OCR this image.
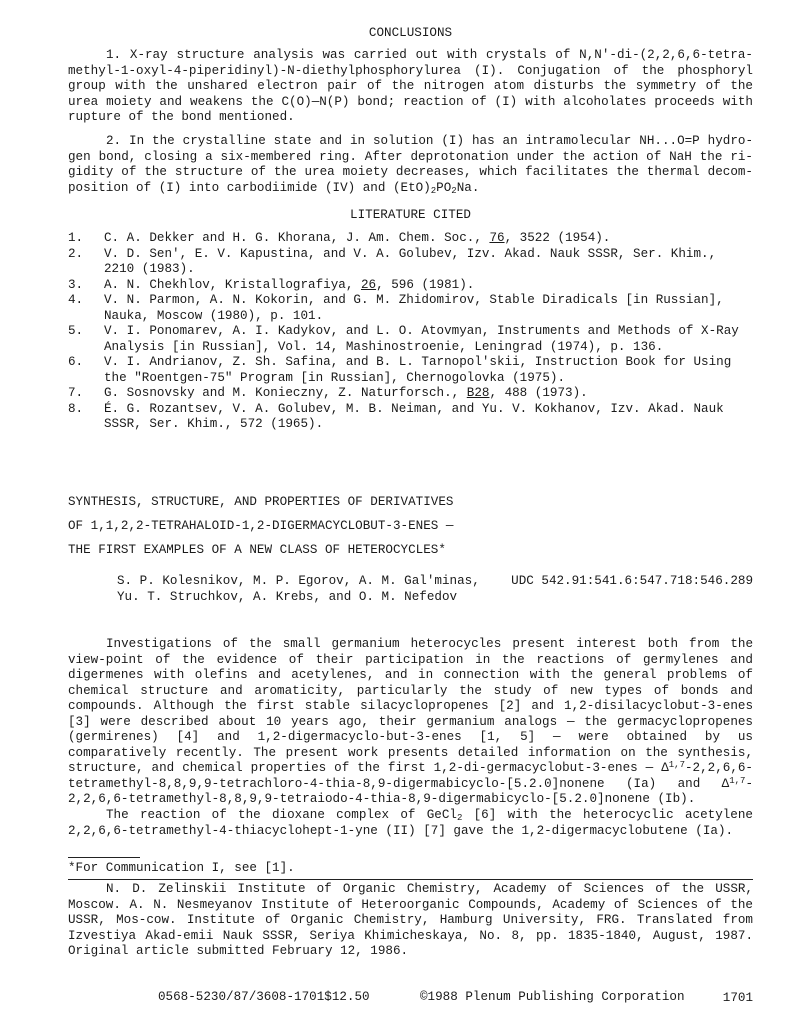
CONCLUSIONS

1. X-ray structure analysis was carried out with crystals of N,N'-di-(2,2,6,6-tetra-methyl-1-oxyl-4-piperidinyl)-N-diethylphosphorylurea (I). Conjugation of the phosphoryl group with the unshared electron pair of the nitrogen atom disturbs the symmetry of the urea moiety and weakens the C(O)—N(P) bond; reaction of (I) with alcoholates proceeds with rupture of the bond mentioned.

2. In the crystalline state and in solution (I) has an intramolecular NH...O=P hydro-gen bond, closing a six-membered ring. After deprotonation under the action of NaH the ri-gidity of the structure of the urea moiety decreases, which facilitates the thermal decom-position of (I) into carbodiimide (IV) and $(EtO)_2PO_2Na$.

LITERATURE CITED
1. C. A. Dekker and H. G. Khorana, J. Am. Chem. Soc., 76, 3522 (1954).
2. V. D. Sen', E. V. Kapustina, and V. A. Golubev, Izv. Akad. Nauk SSSR, Ser. Khim., 2210 (1983).
3. A. N. Chekhlov, Kristallografiya, 26, 596 (1981).
4. V. N. Parmon, A. N. Kokorin, and G. M. Zhidomirov, Stable Diradicals [in Russian], Nauka, Moscow (1980), p. 101.
5. V. I. Ponomarev, A. I. Kadykov, and L. O. Atovmyan, Instruments and Methods of X-Ray Analysis [in Russian], Vol. 14, Mashinostroenie, Leningrad (1974), p. 136.
6. V. I. Andrianov, Z. Sh. Safina, and B. L. Tarnopol'skii, Instruction Book for Using the "Roentgen-75" Program [in Russian], Chernogolovka (1975).
7. G. Sosnovsky and M. Konieczny, Z. Naturforsch., B28, 488 (1973).
8. É. G. Rozantsev, V. A. Golubev, M. B. Neiman, and Yu. V. Kokhanov, Izv. Akad. Nauk SSSR, Ser. Khim., 572 (1965).

SYNTHESIS, STRUCTURE, AND PROPERTIES OF DERIVATIVES

OF 1,1,2,2-TETRAHALOID-1,2-DIGERMACYCLOBUT-3-ENES —

THE FIRST EXAMPLES OF A NEW CLASS OF HETEROCYCLES*

S. P. Kolesnikov, M. P. Egorov, A. M. Gal'minas,
Yu. T. Struchkov, A. Krebs, and O. M. Nefedov
UDC 542.91:541.6:547.718:546.289

Investigations of the small germanium heterocycles present interest both from the view-point of the evidence of their participation in the reactions of germylenes and digermenes with olefins and acetylenes, and in connection with the general problems of chemical structure and aromaticity, particularly the study of new types of bonds and compounds. Although the first stable silacyclopropenes [2] and 1,2-disilacyclobut-3-enes [3] were described about 10 years ago, their germanium analogs — the germacyclopropenes (germirenes) [4] and 1,2-digermacyclo-but-3-enes [1, 5] — were obtained by us comparatively recently. The present work presents detailed information on the synthesis, structure, and chemical properties of the first 1,2-di-germacyclobut-3-enes — Δ$^{1,7}$-2,2,6,6-tetramethyl-8,8,9,9-tetrachloro-4-thia-8,9-digermabicyclo-[5.2.0]nonene (Ia) and Δ$^{1,7}$-2,2,6,6-tetramethyl-8,8,9,9-tetraiodo-4-thia-8,9-digermabicyclo-[5.2.0]nonene (Ib).

The reaction of the dioxane complex of GeCl$_2$ [6] with the heterocyclic acetylene 2,2,6,6-tetramethyl-4-thiacyclohept-1-yne (II) [7] gave the 1,2-digermacyclobutene (Ia).

*For Communication I, see [1].

N. D. Zelinskii Institute of Organic Chemistry, Academy of Sciences of the USSR, Moscow. A. N. Nesmeyanov Institute of Heteroorganic Compounds, Academy of Sciences of the USSR, Mos-cow. Institute of Organic Chemistry, Hamburg University, FRG. Translated from Izvestiya Akad-emii Nauk SSSR, Seriya Khimicheskaya, No. 8, pp. 1835-1840, August, 1987. Original article submitted February 12, 1986.

0568-5230/87/3608-1701$12.50	©1988 Plenum Publishing Corporation	1701
